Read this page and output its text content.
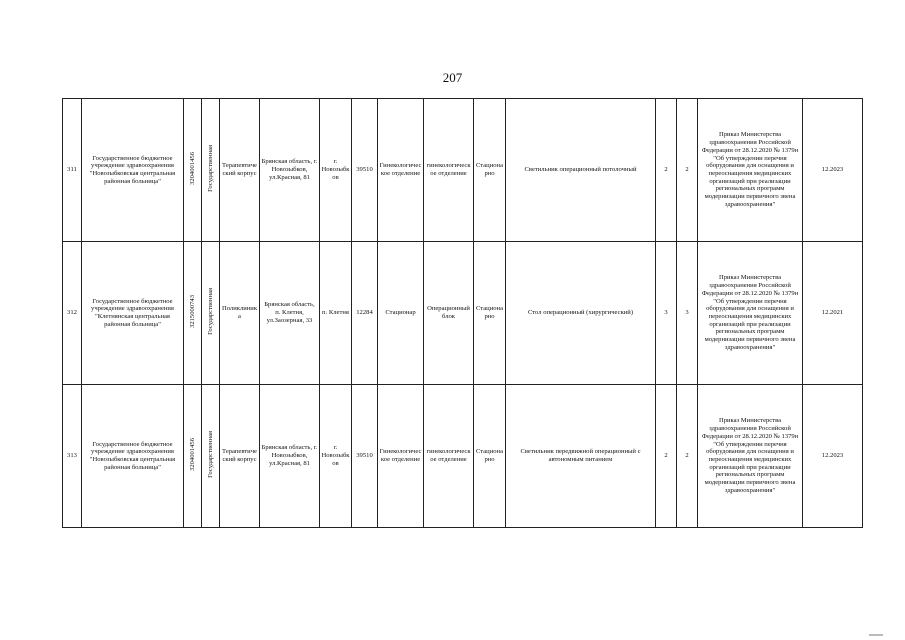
207
311	Государственное бюджетное учреждение здравоохранения "Новозыбковская центральная районная больница"	3204001456	Государственная	Терапевтический корпус	Брянская область, г. Новозыбков, ул.Красная, 81	г. Новозыбков	39510	Гинекологическое отделение	гинекологическое отделение	Стационарно	Светильник операционный потолочный	2	2	Приказ Министерства здравоохранения Российской Федерации от 28.12.2020 № 1379н "Об утверждении перечня оборудования для оснащения и переоснащения медицинских организаций при реализации региональных программ модернизации первичного звена здравоохранения"	12.2023
312	Государственное бюджетное учреждение здравоохранения "Клетнянская центральная районная больница"	3215000743	Государственная	Поликлиника	Брянская область, п. Клетня, ул.Заозерная, 33	п. Клетня	12284	Стационар	Операционный блок	Стационарно	Стол операционный (хирургический)	3	3	Приказ Министерства здравоохранения Российской Федерации от 28.12.2020 № 1379н "Об утверждении перечня оборудования для оснащения и переоснащения медицинских организаций при реализации региональных программ модернизации первичного звена здравоохранения"	12.2021
313	Государственное бюджетное учреждение здравоохранения "Новозыбковская центральная районная больница"	3204001456	Государственная	Терапевтический корпус	Брянская область, г. Новозыбков, ул.Красная, 81	г. Новозыбков	39510	Гинекологическое отделение	гинекологическое отделение	Стационарно	Светильник передвижной операционный с автономным питанием	2	2	Приказ Министерства здравоохранения Российской Федерации от 28.12.2020 № 1379н "Об утверждении перечня оборудования для оснащения и переоснащения медицинских организаций при реализации региональных программ модернизации первичного звена здравоохранения"	12.2023
